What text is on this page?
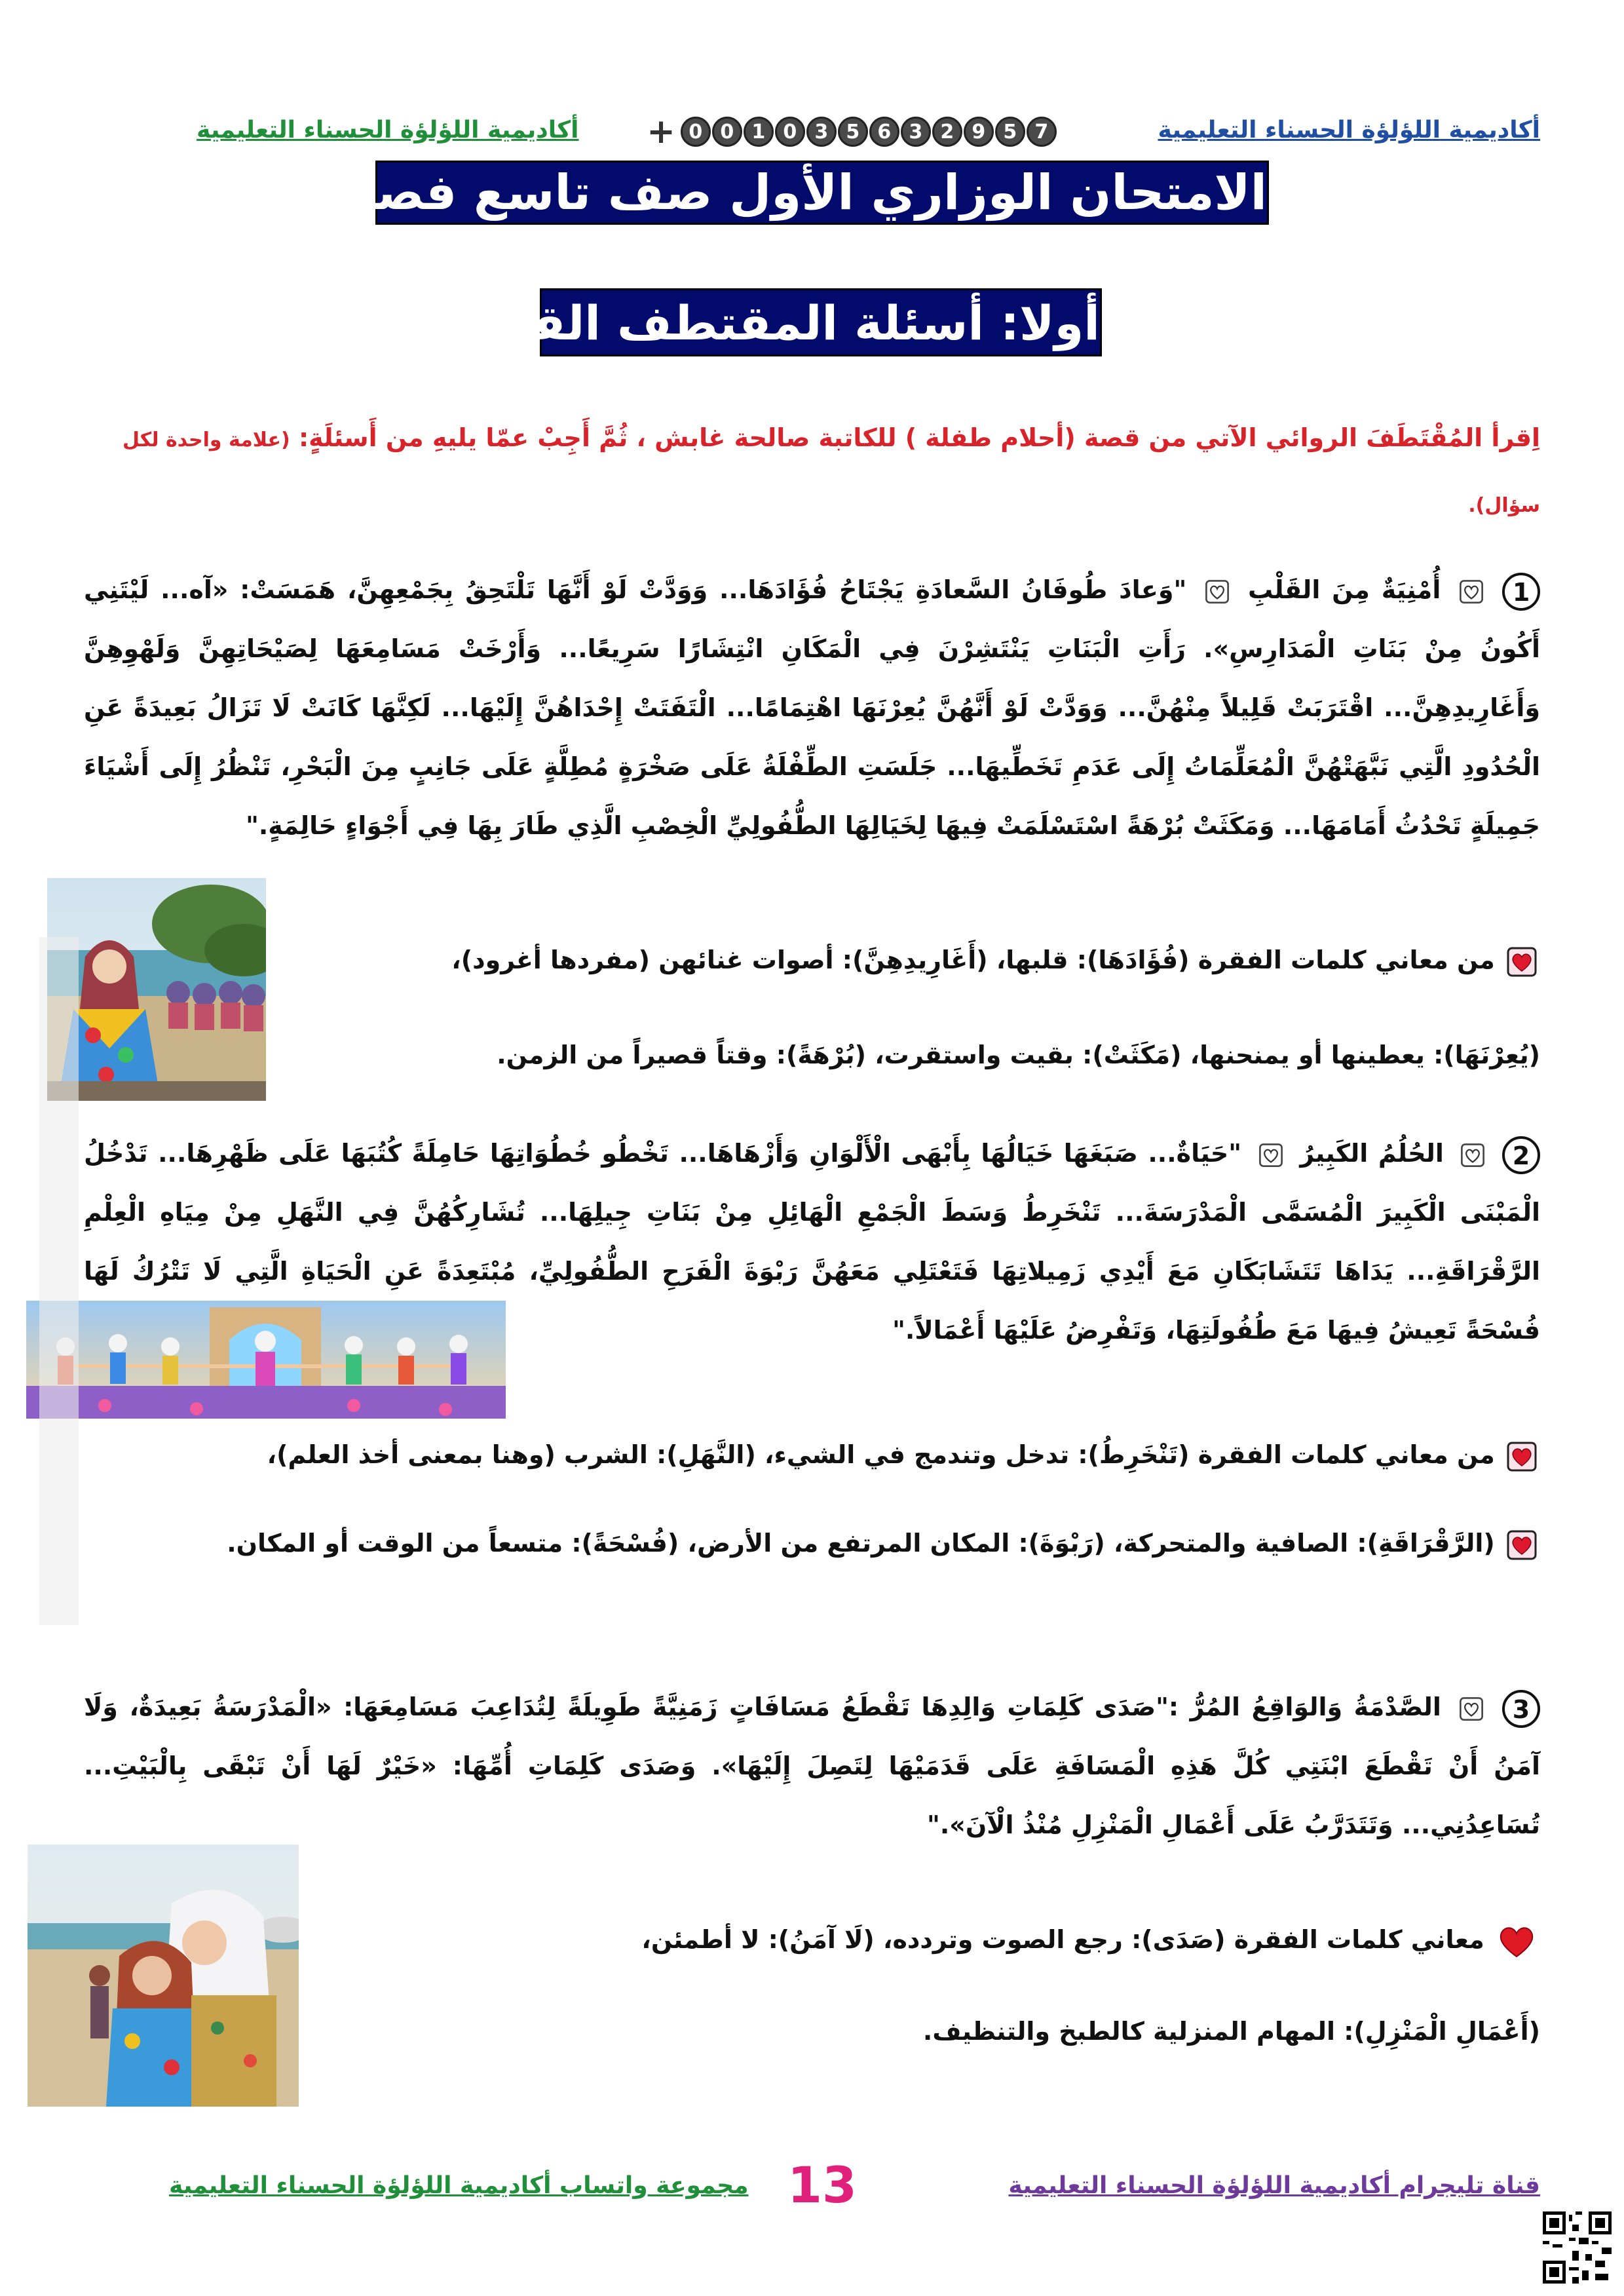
أكاديمية اللؤلؤة الحسناء التعليمية
+ 0 0 1 0 3 5 6 3 2 9 5 7
أكاديمية اللؤلؤة الحسناء التعليمية
الامتحان الوزاري الأول صف تاسع فصل ثالث
أولا: أسئلة المقتطف القصير
اِقرأ المُقْتَطَفَ الروائي الآتي من قصة (أحلام طفلة ) للكاتبة صالحة غابش ، ثُمَّ أَجِبْ عمّا يليهِ من أَسئلَةٍ: (علامة واحدة لكل سؤال).
1  أُمْنِيَةٌ مِنَ القَلْبِ  "وَعادَ طُوفَانُ السَّعادَةِ يَجْتَاحُ فُؤَادَهَا... وَوَدَّتْ لَوْ أَنَّهَا تَلْتَحِقُ بِجَمْعِهِنَّ، هَمَسَتْ: «آه... لَيْتَنِي أَكُونُ مِنْ بَنَاتِ الْمَدَارِسِ». رَأَتِ الْبَنَاتِ يَنْتَشِرْنَ فِي الْمَكَانِ انْتِشَارًا سَرِيعًا... وَأَرْخَتْ مَسَامِعَهَا لِصَيْحَاتِهِنَّ وَلَهْوِهِنَّ وَأَغَارِيدِهِنَّ... اقْتَرَبَتْ قَلِيلاً مِنْهُنَّ... وَوَدَّتْ لَوْ أَنَّهُنَّ يُعِرْنَهَا اهْتِمَامًا... الْتَفَتَتْ إِحْدَاهُنَّ إِلَيْهَا... لَكِنَّهَا كَانَتْ لَا تَزَالُ بَعِيدَةً عَنِ الْحُدُودِ الَّتِي نَبَّهَتْهُنَّ الْمُعَلِّمَاتُ إِلَى عَدَمِ تَخَطِّيهَا... جَلَسَتِ الطِّفْلَةُ عَلَى صَخْرَةٍ مُطِلَّةٍ عَلَى جَانِبٍ مِنَ الْبَحْرِ، تَنْظُرُ إِلَى أَشْيَاءَ جَمِيلَةٍ تَحْدُثُ أَمَامَهَا... وَمَكَثَتْ بُرْهَةً اسْتَسْلَمَتْ فِيهَا لِخَيَالِهَا الطُّفُولِيِّ الْخِصْبِ الَّذِي طَارَ بِهَا فِي أَجْوَاءٍ حَالِمَةٍ."
من معاني كلمات الفقرة (فُؤَادَهَا): قلبها، (أَغَارِيدِهِنَّ): أصوات غنائهن (مفردها أغرود)،
(يُعِرْنَهَا): يعطينها أو يمنحنها، (مَكَثَتْ): بقيت واستقرت، (بُرْهَةً): وقتاً قصيراً من الزمن.
2  الحُلُمُ الكَبِيرُ  "حَيَاةٌ... صَبَغَهَا خَيَالُهَا بِأَبْهَى الْأَلْوَانِ وَأَزْهَاهَا... تَخْطُو خُطُوَاتِهَا حَامِلَةً كُتُبَهَا عَلَى ظَهْرِهَا... تَدْخُلُ الْمَبْنَى الْكَبِيرَ الْمُسَمَّى الْمَدْرَسَةَ... تَنْخَرِطُ وَسَطَ الْجَمْعِ الْهَائِلِ مِنْ بَنَاتِ جِيلِهَا... تُشَارِكُهُنَّ فِي النَّهَلِ مِنْ مِيَاهِ الْعِلْمِ الرَّقْرَاقَةِ... يَدَاهَا تَتَشَابَكَانِ مَعَ أَيْدِي زَمِيلاتِهَا فَتَعْتَلِي مَعَهُنَّ رَبْوَةَ الْفَرَحِ الطُّفُولِيِّ، مُبْتَعِدَةً عَنِ الْحَيَاةِ الَّتِي لَا تَتْرُكُ لَهَا فُسْحَةً تَعِيشُ فِيهَا مَعَ طُفُولَتِهَا، وَتَفْرِضُ عَلَيْهَا أَعْمَالاً."
من معاني كلمات الفقرة (تَنْخَرِطُ): تدخل وتندمج في الشيء، (النَّهَلِ): الشرب (وهنا بمعنى أخذ العلم)،
(الرَّقْرَاقَةِ): الصافية والمتحركة، (رَبْوَةَ): المكان المرتفع من الأرض، (فُسْحَةً): متسعاً من الوقت أو المكان.
3  الصَّدْمَةُ وَالوَاقِعُ المُرُّ :"صَدَى كَلِمَاتِ وَالِدِهَا تَقْطَعُ مَسَافَاتٍ زَمَنِيَّةً طَوِيلَةً لِتُدَاعِبَ مَسَامِعَهَا: «الْمَدْرَسَةُ بَعِيدَةٌ، وَلَا آمَنُ أَنْ تَقْطَعَ ابْنَتِي كُلَّ هَذِهِ الْمَسَافَةِ عَلَى قَدَمَيْهَا لِتَصِلَ إِلَيْهَا». وَصَدَى كَلِمَاتِ أُمِّهَا: «خَيْرٌ لَهَا أَنْ تَبْقَى بِالْبَيْتِ... تُسَاعِدُنِي... وَتَتَدَرَّبُ عَلَى أَعْمَالِ الْمَنْزِلِ مُنْذُ الْآنَ»."
معاني كلمات الفقرة (صَدَى): رجع الصوت وتردده، (لَا آمَنُ): لا أطمئن،
(أَعْمَالِ الْمَنْزِلِ): المهام المنزلية كالطبخ والتنظيف.
قناة تليجرام أكاديمية اللؤلؤة الحسناء التعليمية
13
مجموعة واتساب أكاديمية اللؤلؤة الحسناء التعليمية
